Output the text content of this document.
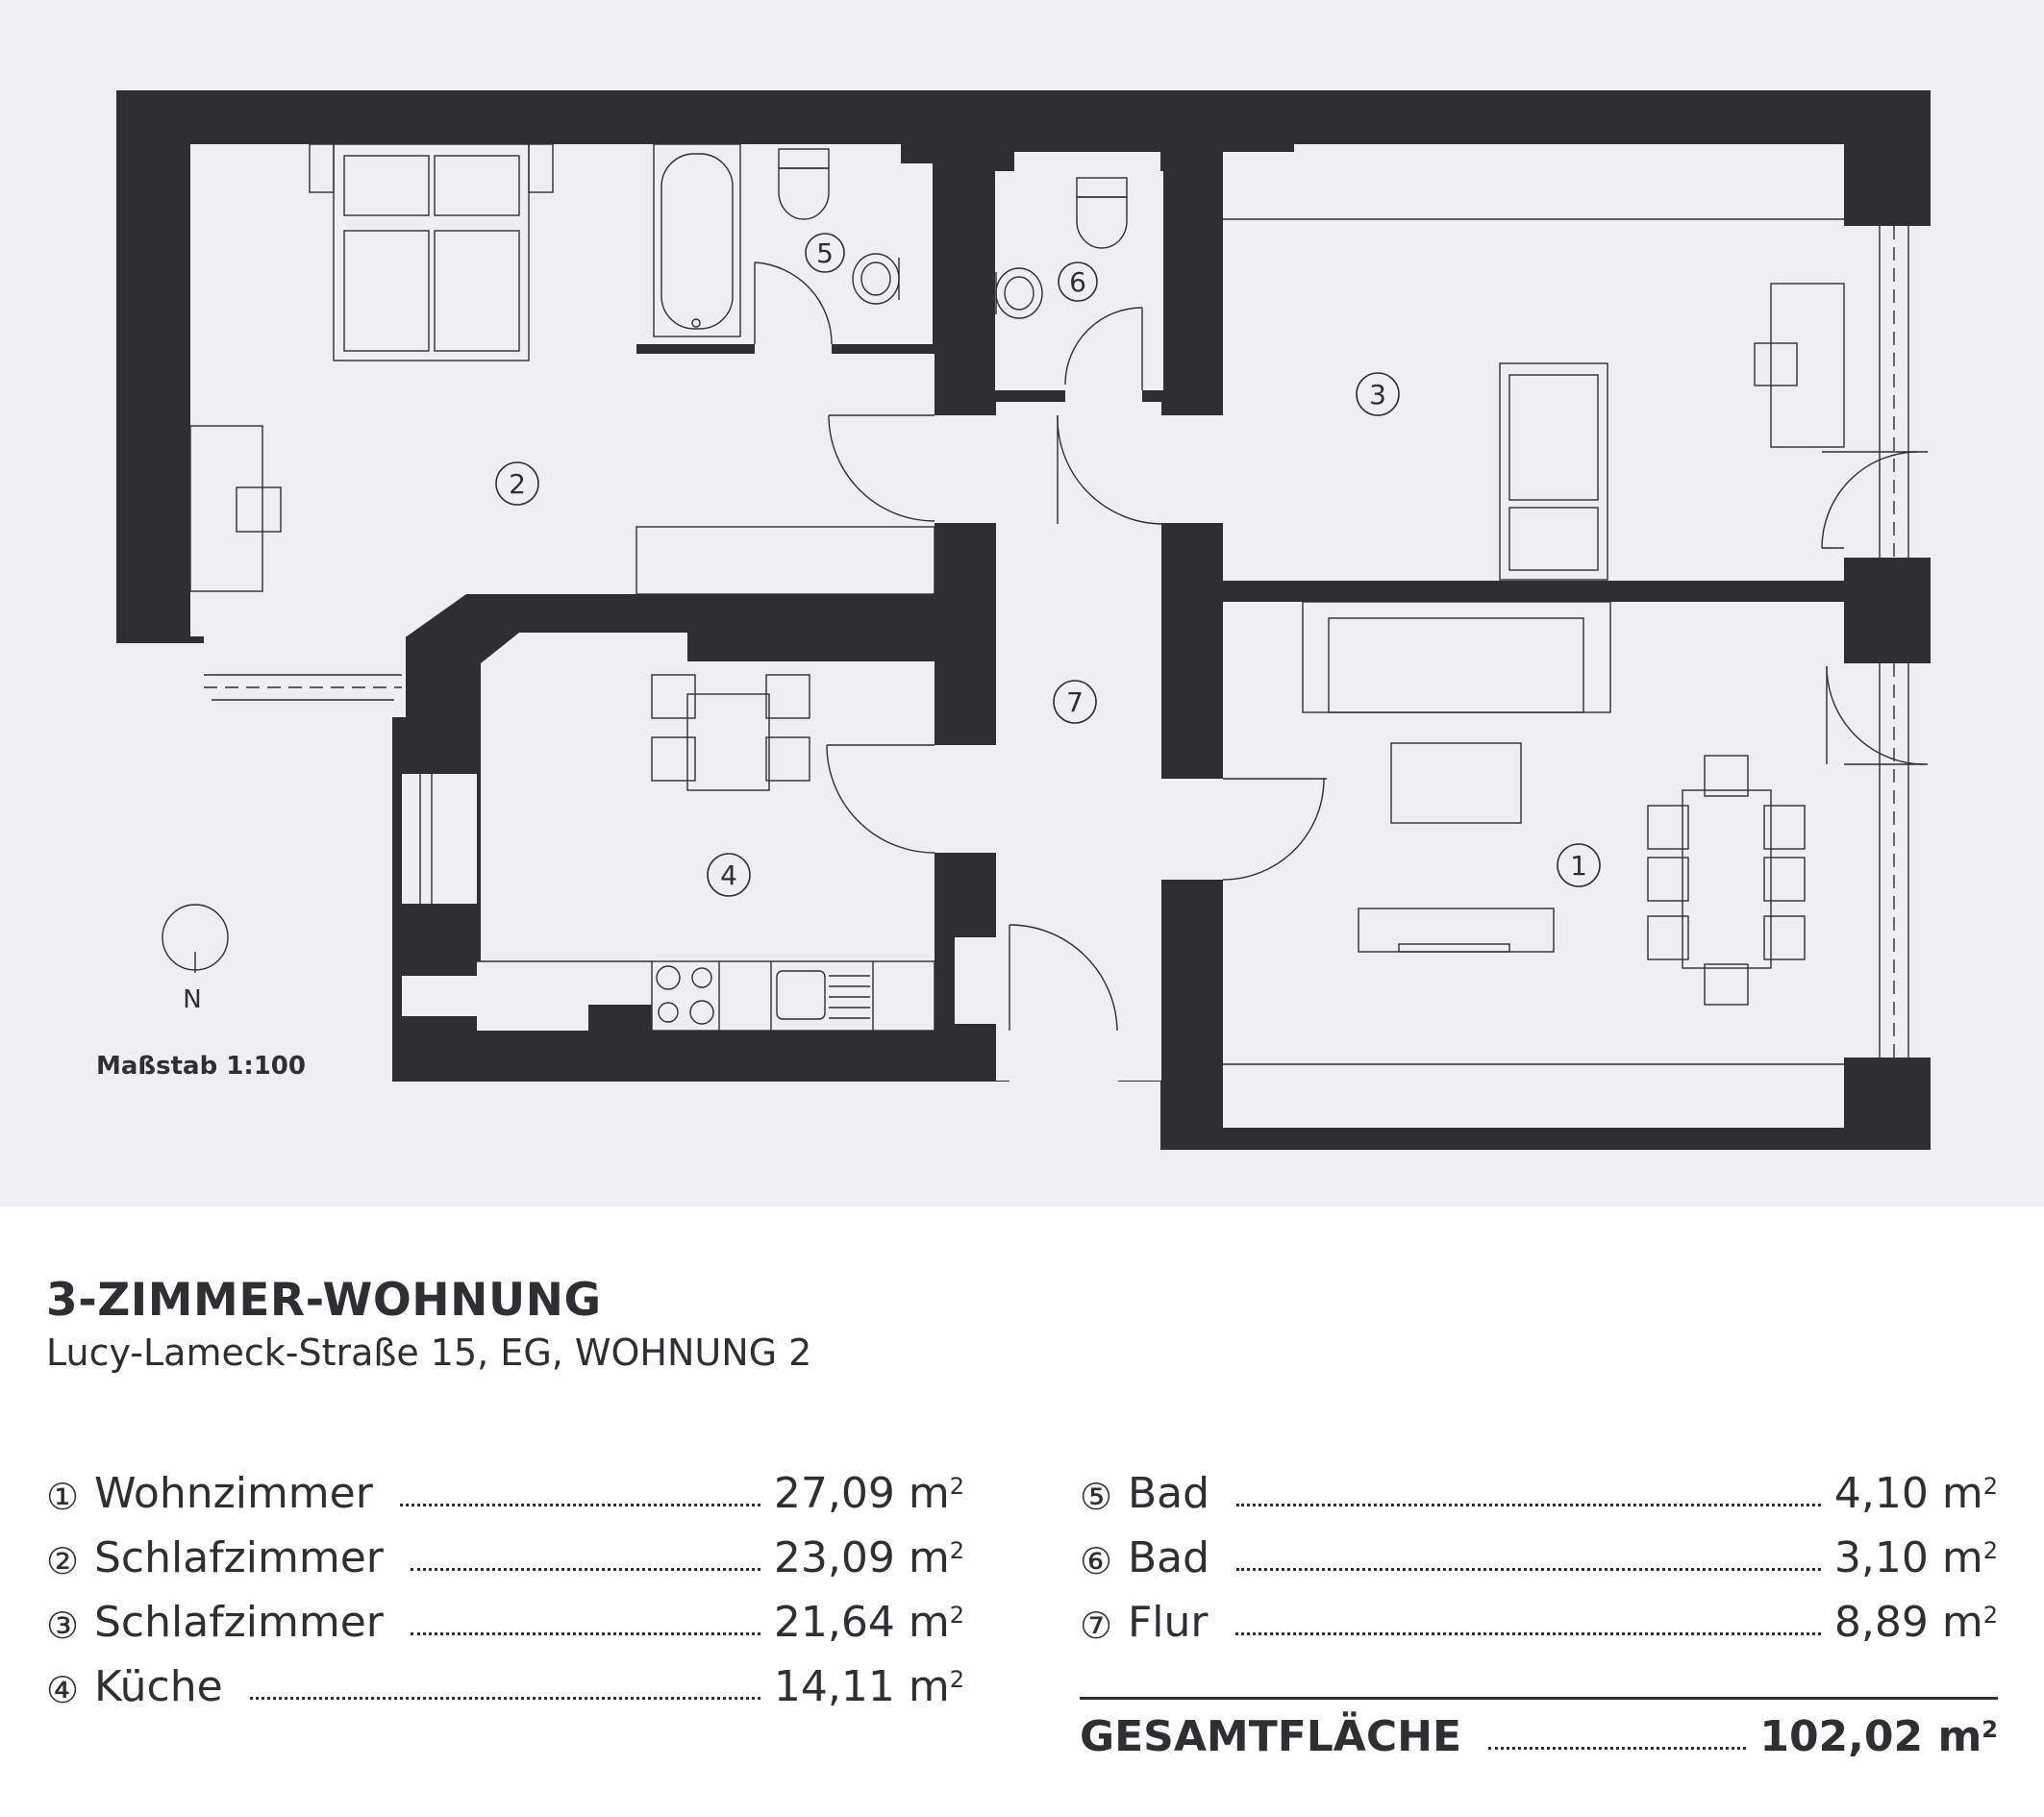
1
2
3
4
5
6
7
N
Maßstab 1:100
3-ZIMMER-WOHNUNG
Lucy-Lameck-Straße 15, EG, WOHNUNG 2
① Wohnzimmer	27,09 $m^2$
② Schlafzimmer	23,09 $m^2$
③ Schlafzimmer	21,64 $m^2$
④ Küche	14,11 $m^2$
⑤ Bad	4,10 $m^2$
⑥ Bad	3,10 $m^2$
⑦ Flur	8,89 $m^2$
GESAMTFLÄCHE	102,02 $m^2$
